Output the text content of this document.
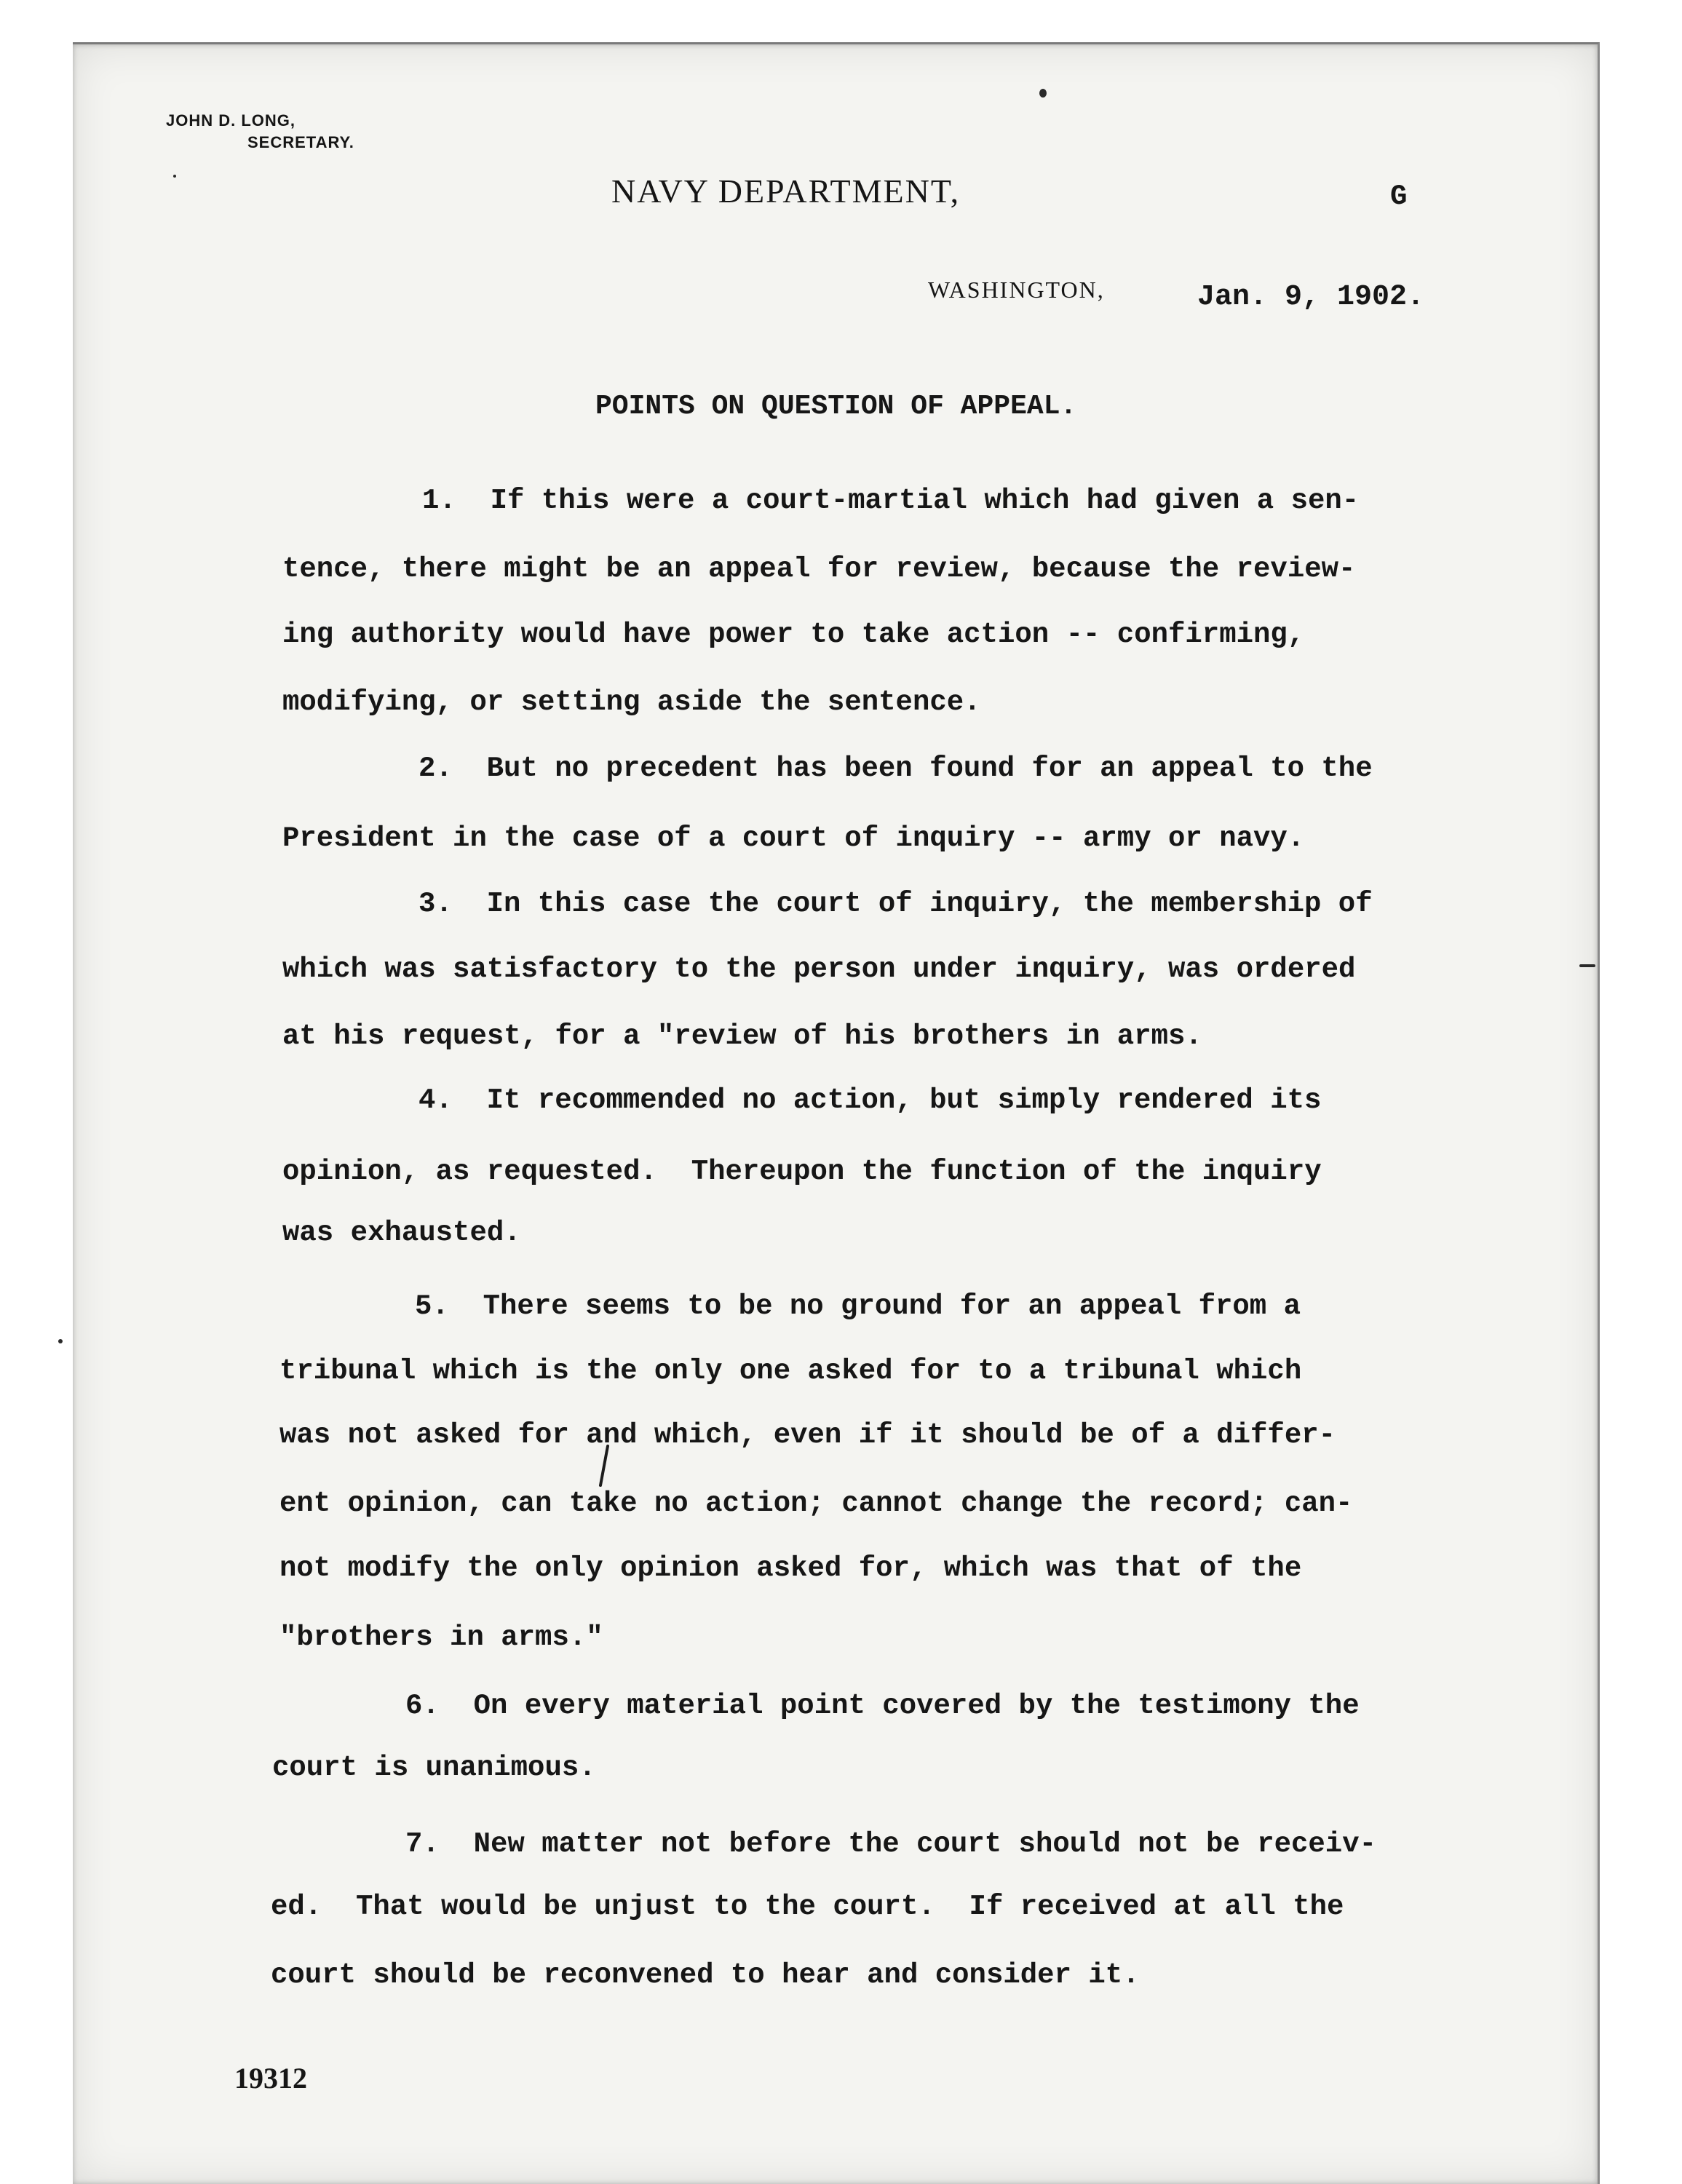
JOHN D. LONG,
SECRETARY.
NAVY DEPARTMENT,	G
WASHINGTON,	Jan. 9, 1902.
POINTS ON QUESTION OF APPEAL.
1.  If this were a court-martial which had given a sen-
tence, there might be an appeal for review, because the review-
ing authority would have power to take action -- confirming,
modifying, or setting aside the sentence.
2.  But no precedent has been found for an appeal to the
President in the case of a court of inquiry -- army or navy.
3.  In this case the court of inquiry, the membership of
which was satisfactory to the person under inquiry, was ordered
at his request, for a "review of his brothers in arms.
4.  It recommended no action, but simply rendered its
opinion, as requested.  Thereupon the function of the inquiry
was exhausted.
5.  There seems to be no ground for an appeal from a
tribunal which is the only one asked for to a tribunal which
was not asked for and which, even if it should be of a differ-
ent opinion, can take no action; cannot change the record; can-
not modify the only opinion asked for, which was that of the
"brothers in arms."
6.  On every material point covered by the testimony the
court is unanimous.
7.  New matter not before the court should not be receiv-
ed.  That would be unjust to the court.  If received at all the
court should be reconvened to hear and consider it.
19312
